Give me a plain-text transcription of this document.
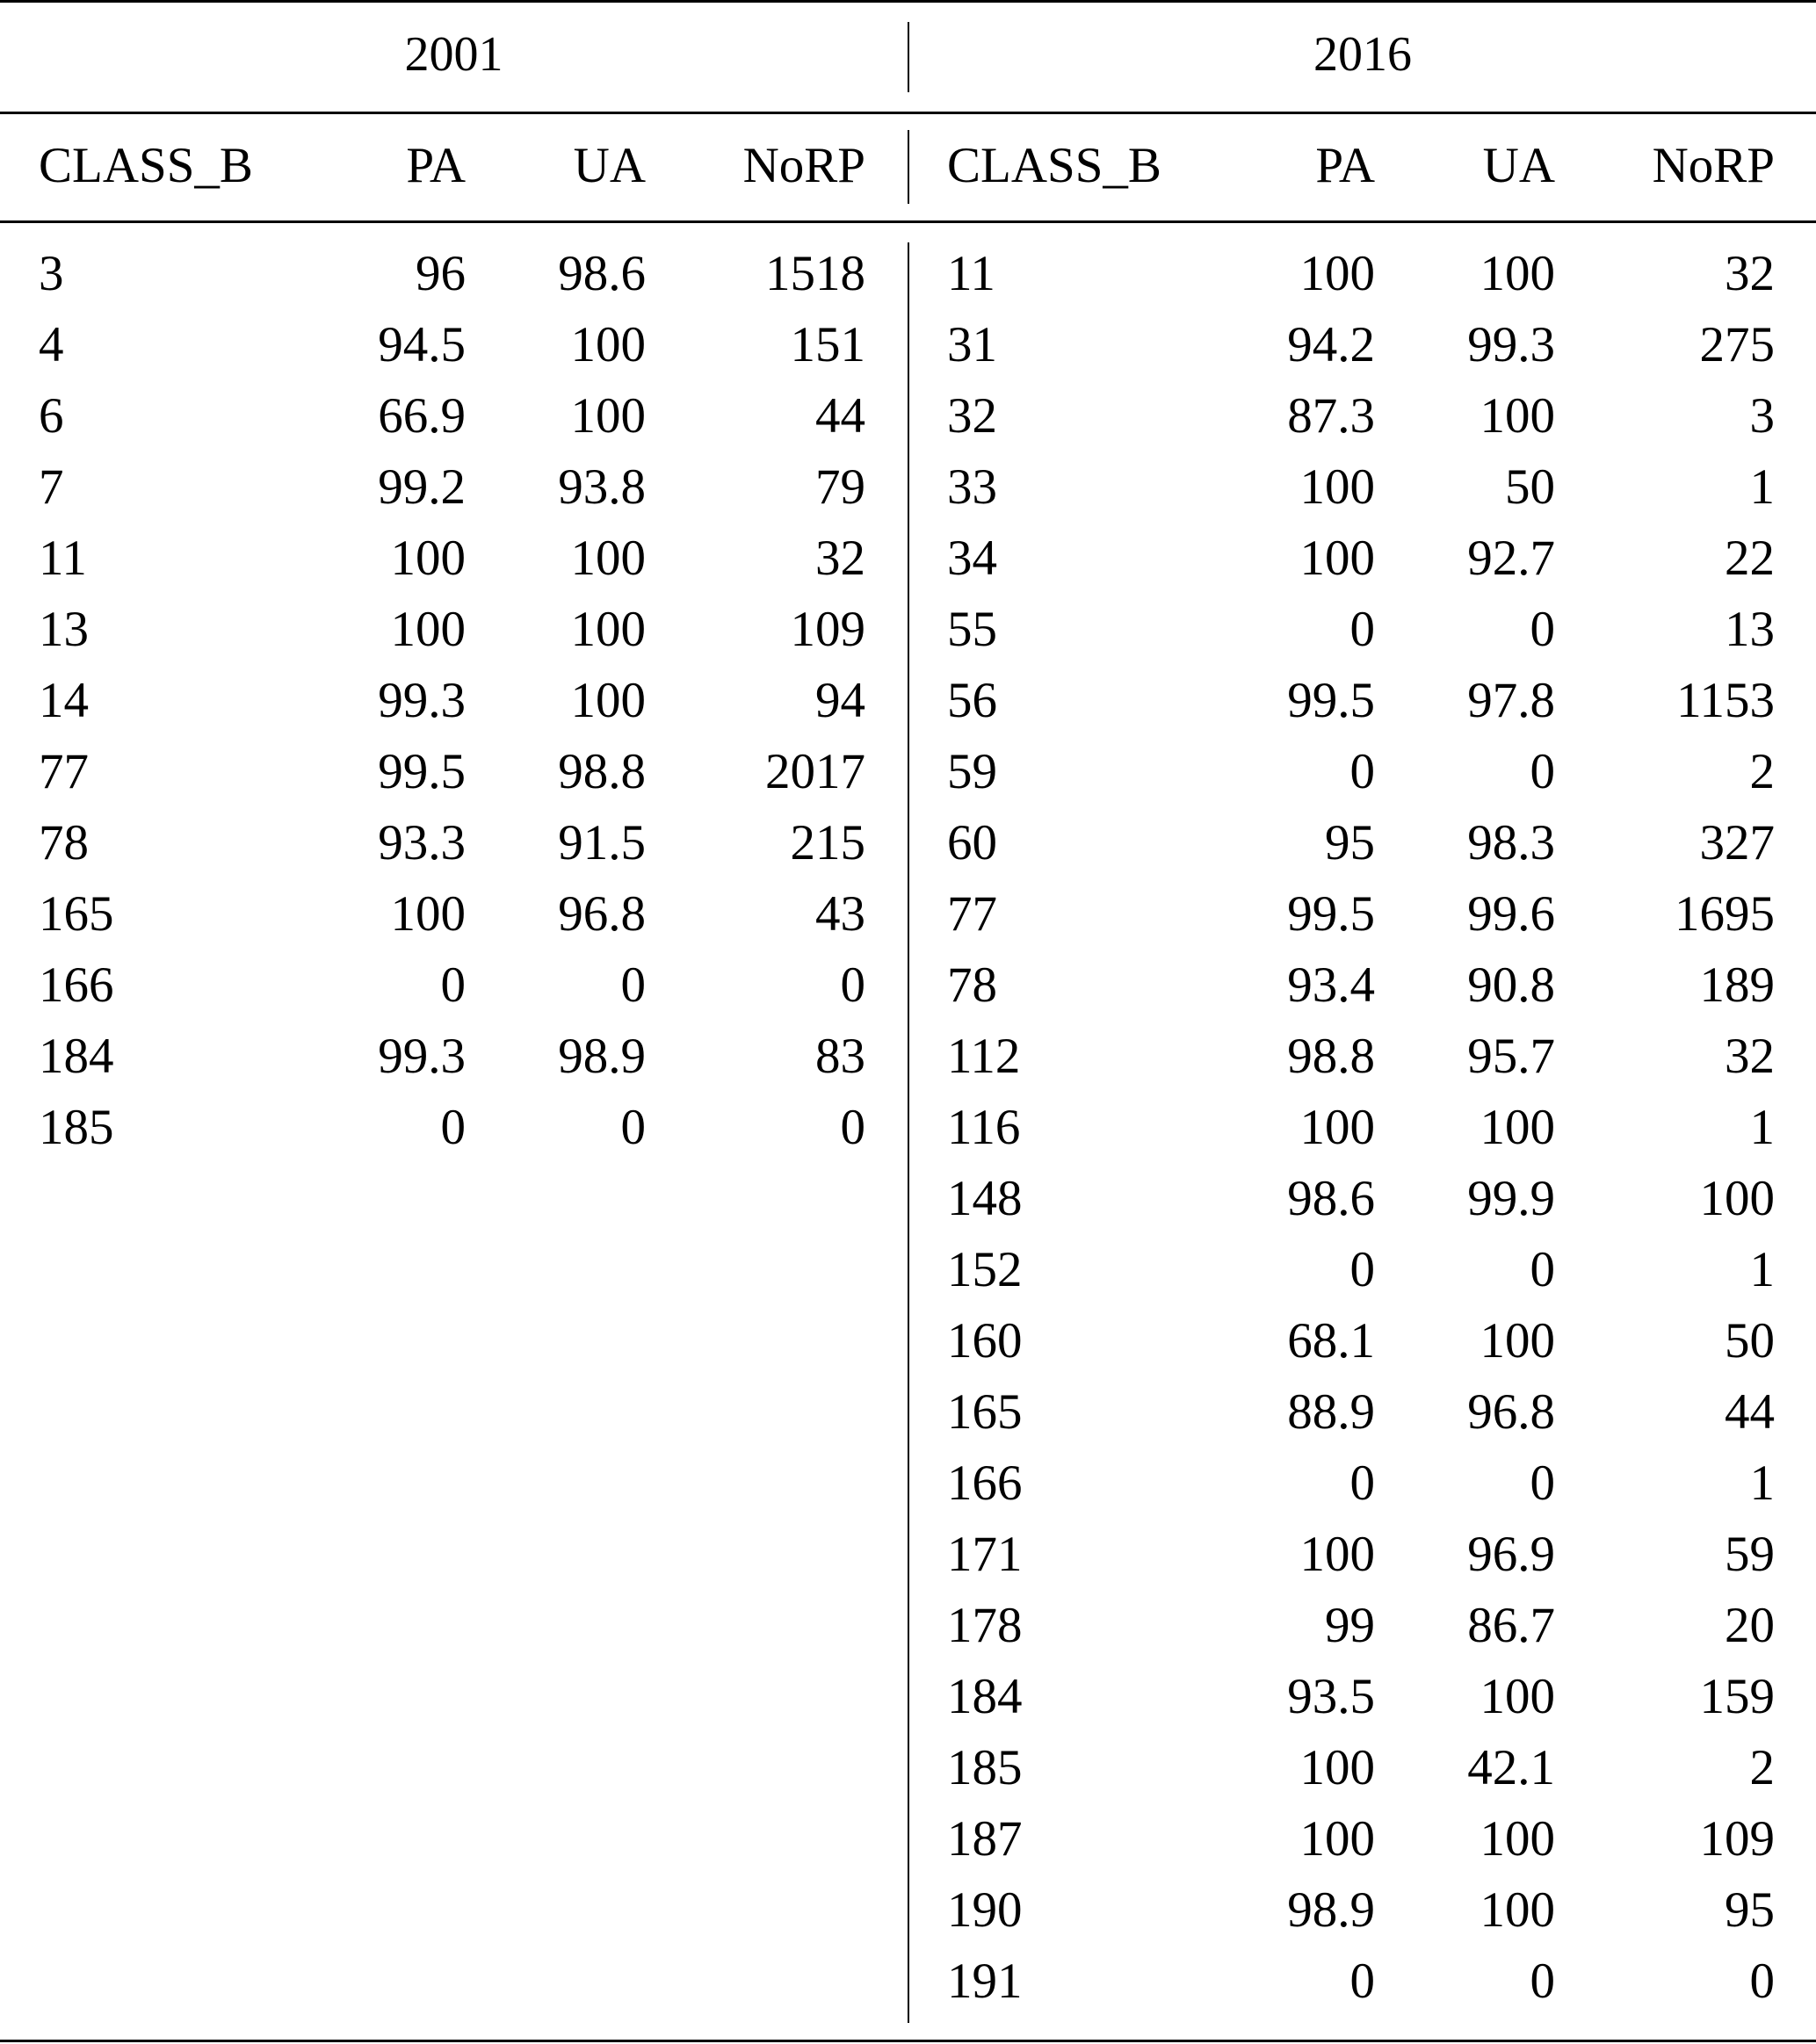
2001	2016
CLASS_B	PA	UA	NoRP CLASS_B	PA	UA	NoRP
3	96	98.6	1518
4	94.5	100	151
6	66.9	100	44
7	99.2	93.8	79
11	100	100	32
13	100	100	109
14	99.3	100	94
77	99.5	98.8	2017
78	93.3	91.5	215
165	100	96.8	43
166	0	0	0
184	99.3	98.9	83
185	0	0	0
11	100	100	32
31	94.2	99.3	275
32	87.3	100	3
33	100	50	1
34	100	92.7	22
55	0	0	13
56	99.5	97.8	1153
59	0	0	2
60	95	98.3	327
77	99.5	99.6	1695
78	93.4	90.8	189
112	98.8	95.7	32
116	100	100	1
148	98.6	99.9	100
152	0	0	1
160	68.1	100	50
165	88.9	96.8	44
166	0	0	1
171	100	96.9	59
178	99	86.7	20
184	93.5	100	159
185	100	42.1	2
187	100	100	109
190	98.9	100	95
191	0	0	0
